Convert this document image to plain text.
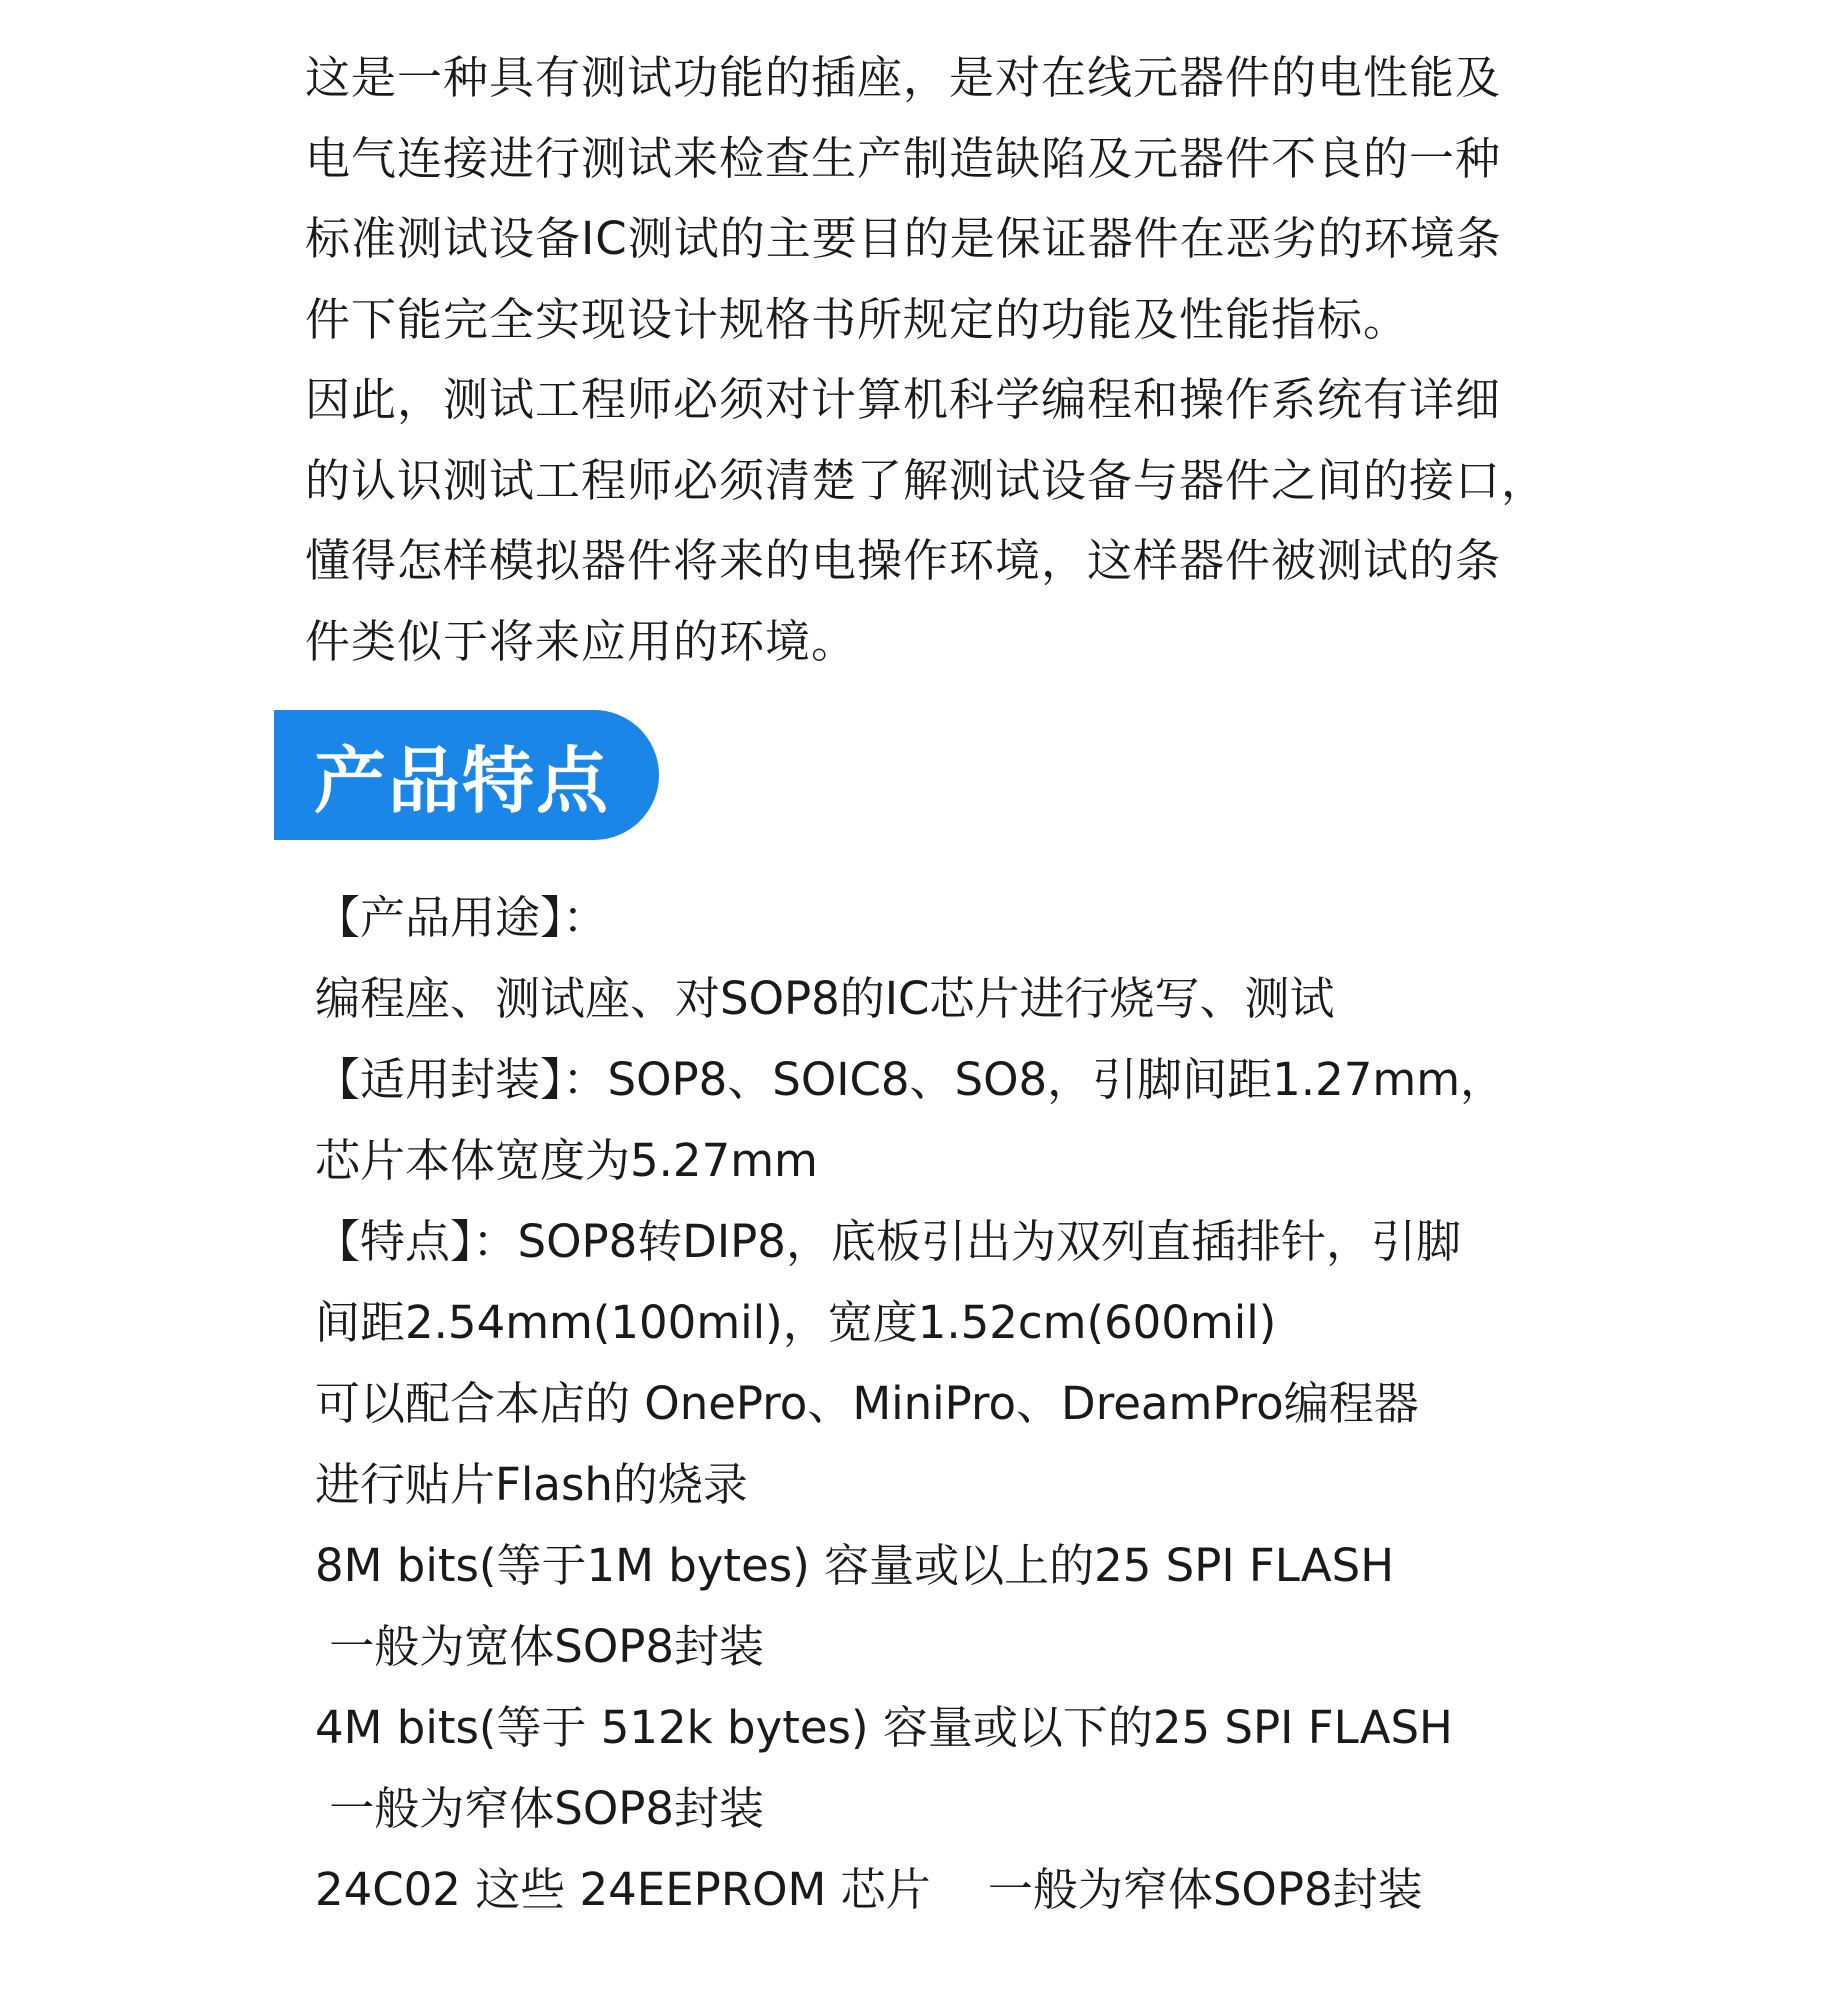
这是一种具有测试功能的插座，是对在线元器件的电性能及
电气连接进行测试来检查生产制造缺陷及元器件不良的一种
标准测试设备IC测试的主要目的是保证器件在恶劣的环境条
件下能完全实现设计规格书所规定的功能及性能指标。
因此，测试工程师必须对计算机科学编程和操作系统有详细
的认识测试工程师必须清楚了解测试设备与器件之间的接口，
懂得怎样模拟器件将来的电操作环境，这样器件被测试的条
件类似于将来应用的环境。
产品特点
【产品用途】：
编程座、测试座、对SOP8的IC芯片进行烧写、测试
【适用封装】：SOP8、SOIC8、SO8，引脚间距1.27mm，
芯片本体宽度为5.27mm
【特点】：SOP8转DIP8，底板引出为双列直插排针，引脚
间距2.54mm(100mil)，宽度1.52cm(600mil)
可以配合本店的 OnePro、MiniPro、DreamPro编程器
进行贴片Flash的烧录
8M bits(等于1M bytes) 容量或以上的25 SPI FLASH
一般为宽体SOP8封装
4M bits(等于 512k bytes) 容量或以下的25 SPI FLASH
一般为窄体SOP8封装
24C02 这些 24EEPROM 芯片    一般为窄体SOP8封装
